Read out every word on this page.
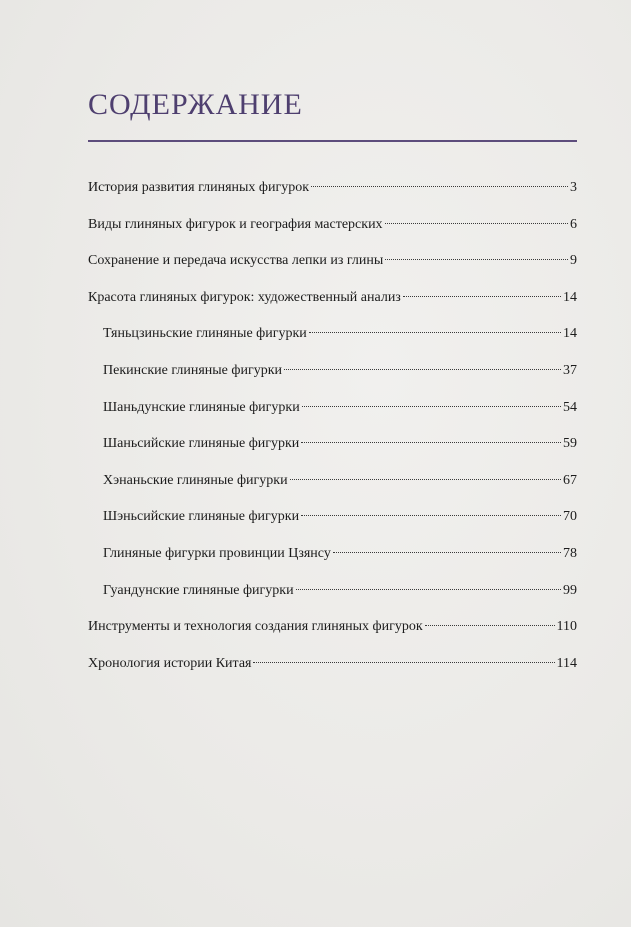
СОДЕРЖАНИЕ
История развития глиняных фигурок	3
Виды глиняных фигурок и география мастерских	6
Сохранение и передача искусства лепки из глины	9
Красота глиняных фигурок: художественный анализ	14
Тяньцзиньские глиняные фигурки	14
Пекинские глиняные фигурки	37
Шаньдунские глиняные фигурки	54
Шаньсийские глиняные фигурки	59
Хэнаньские глиняные фигурки	67
Шэньсийские глиняные фигурки	70
Глиняные фигурки провинции Цзянсу	78
Гуандунские глиняные фигурки	99
Инструменты и технология создания глиняных фигурок	110
Хронология истории Китая	114
